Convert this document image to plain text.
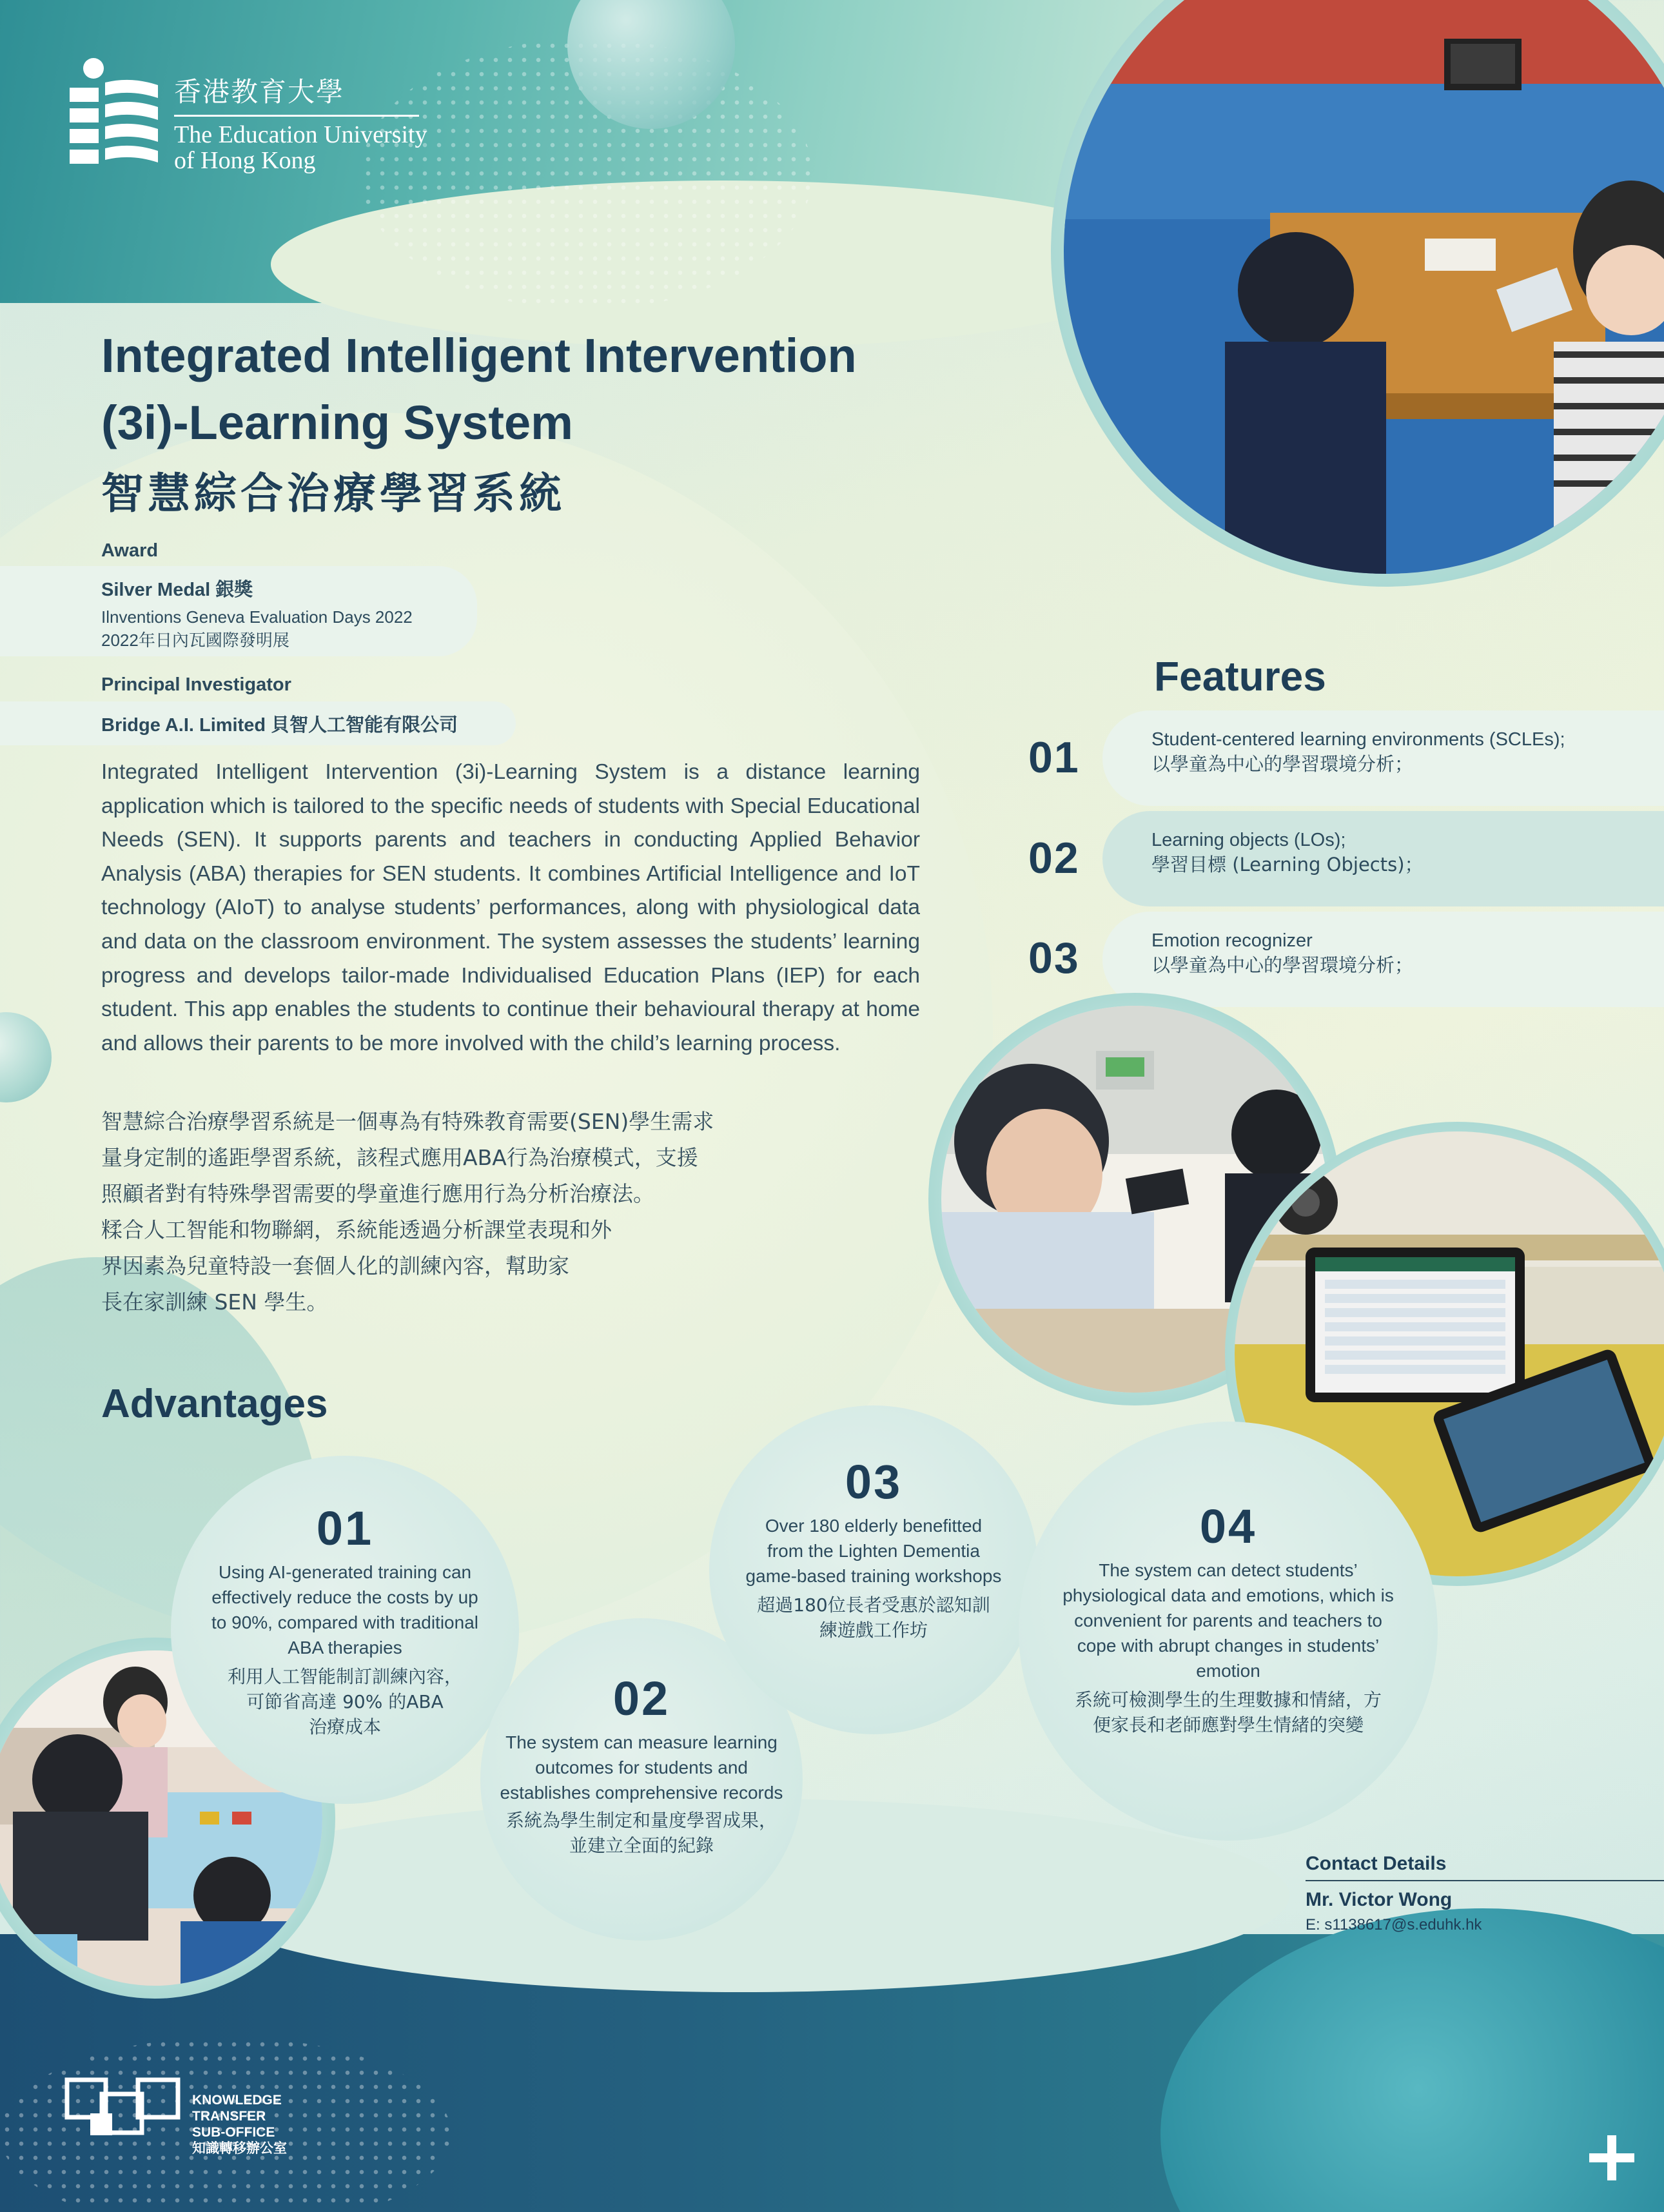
香港教育大學
The Education University
of Hong Kong
Integrated Intelligent Intervention
(3i)-Learning System
智慧綜合治療學習系統
Award
Silver Medal 銀獎
Ilnventions Geneva Evaluation Days 2022
2022年日內瓦國際發明展
Principal Investigator
Bridge A.I. Limited 貝智人工智能有限公司
Integrated Intelligent Intervention (3i)-Learning System is a distance learning application which is tailored to the specific needs of students with Special Educational Needs (SEN). It supports parents and teachers in conducting Applied Behavior Analysis (ABA) therapies for SEN students. It combines Artificial Intelligence and IoT technology (AIoT) to analyse students’ performances, along with physiological data and data on the classroom environment. The system assesses the students’ learning progress and develops tailor-made Individualised Education Plans (IEP) for each student. This app enables the students to continue their behavioural therapy at home and allows their parents to be more involved with the child’s learning process.
智慧綜合治療學習系統是一個專為有特殊教育需要(SEN)學生需求
量身定制的遙距學習系統，該程式應用ABA行為治療模式，支援
照顧者對有特殊學習需要的學童進行應用行為分析治療法。
糅合人工智能和物聯網，系統能透過分析課堂表現和外
界因素為兒童特設一套個人化的訓練內容，幫助家
長在家訓練 SEN 學生。
Features
01	Student-centered learning environments (SCLEs);
以學童為中心的學習環境分析；
02	Learning objects (LOs);
學習目標 (Learning Objects)；
03	Emotion recognizer
以學童為中心的學習環境分析；
Advantages
01
Using AI-generated training can
effectively reduce the costs by up
to 90%, compared with traditional
ABA therapies
利用人工智能制訂訓練內容，
可節省高達 90% 的ABA
治療成本
02
The system can measure learning
outcomes for students and
establishes comprehensive records
系統為學生制定和量度學習成果，
並建立全面的紀錄
03
Over 180 elderly benefitted
from the Lighten Dementia
game-based training workshops
超過180位長者受惠於認知訓
練遊戲工作坊
04
The system can detect students’
physiological data and emotions, which is
convenient for parents and teachers to
cope with abrupt changes in students’
emotion
系統可檢測學生的生理數據和情緒，方
便家長和老師應對學生情緒的突變
Contact Details
Mr. Victor Wong
E: s1138617@s.eduhk.hk
KNOWLEDGE
TRANSFER
SUB-OFFICE
知識轉移辦公室
